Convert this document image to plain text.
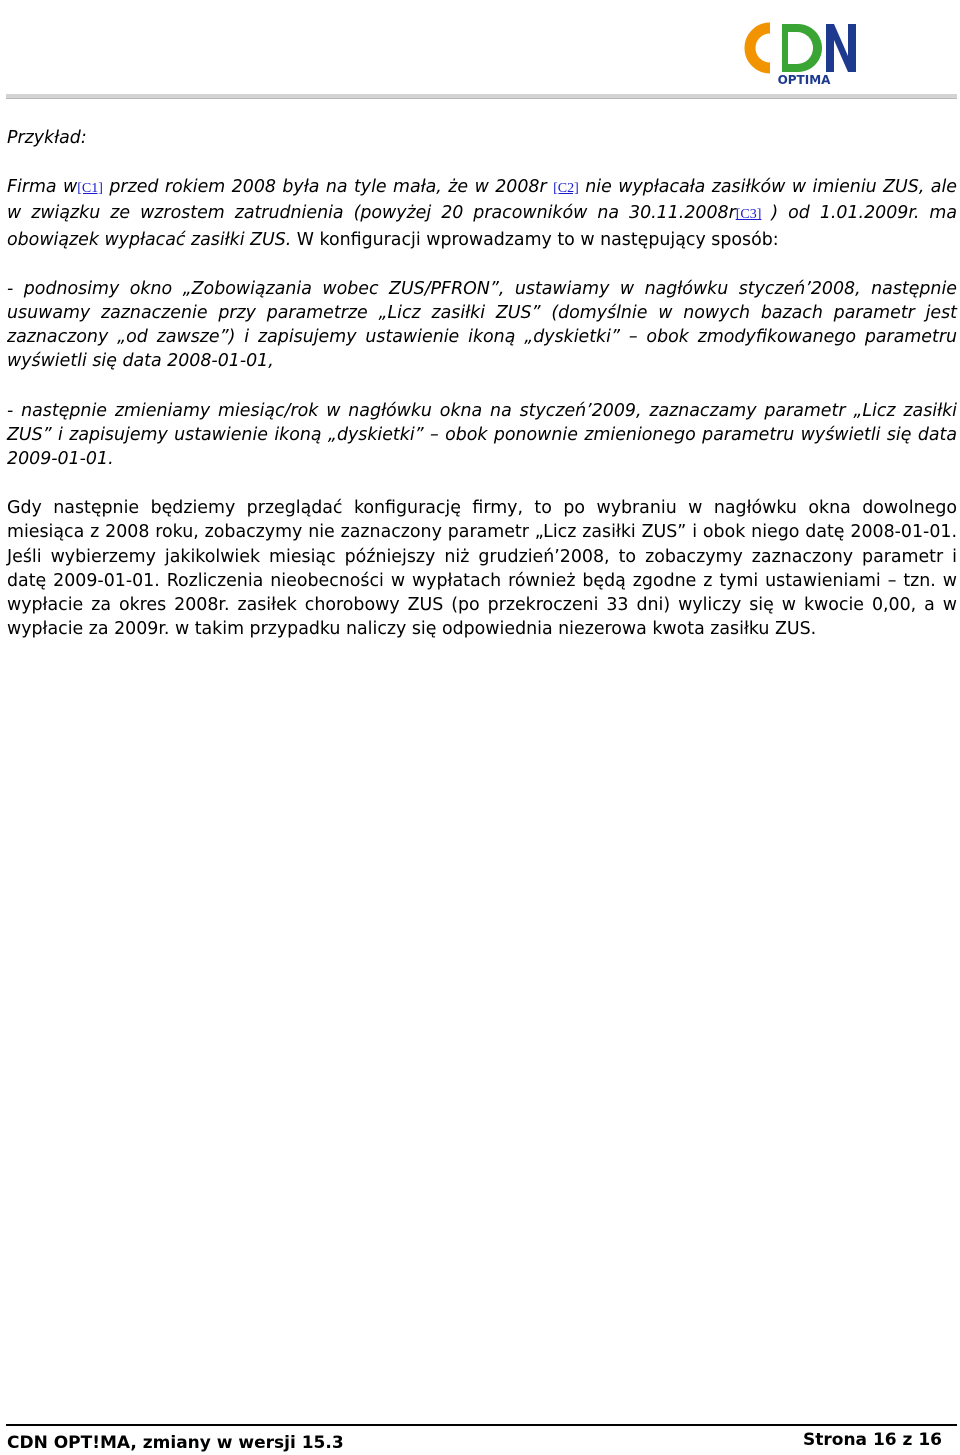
OPTIMA

Przykład:

Firma w[C1] przed rokiem 2008 była na tyle mała, że w 2008r [C2] nie wypłacała zasiłków w imieniu ZUS, ale w związku ze wzrostem zatrudnienia (powyżej 20 pracowników na 30.11.2008r[C3] ) od 1.01.2009r. ma obowiązek wypłacać zasiłki ZUS. W konfiguracji wprowadzamy to w następujący sposób:

- podnosimy okno „Zobowiązania wobec ZUS/PFRON”, ustawiamy w nagłówku styczeń’2008, następnie usuwamy zaznaczenie przy parametrze „Licz zasiłki ZUS” (domyślnie w nowych bazach parametr jest zaznaczony „od zawsze”) i zapisujemy ustawienie ikoną „dyskietki” – obok zmodyfikowanego parametru wyświetli się data 2008-01-01,

- następnie zmieniamy miesiąc/rok w nagłówku okna na styczeń’2009, zaznaczamy parametr „Licz zasiłki ZUS” i zapisujemy ustawienie ikoną „dyskietki” – obok ponownie zmienionego parametru wyświetli się data 2009-01-01.

Gdy następnie będziemy przeglądać konfigurację firmy, to po wybraniu w nagłówku okna dowolnego miesiąca z 2008 roku, zobaczymy nie zaznaczony parametr „Licz zasiłki ZUS” i obok niego datę 2008-01-01. Jeśli wybierzemy jakikolwiek miesiąc późniejszy niż grudzień’2008, to zobaczymy zaznaczony parametr i datę 2009-01-01. Rozliczenia nieobecności w wypłatach również będą zgodne z tymi ustawieniami – tzn. w wypłacie za okres 2008r. zasiłek chorobowy ZUS (po przekroczeni 33 dni) wyliczy się w kwocie 0,00, a w wypłacie za 2009r. w takim przypadku naliczy się odpowiednia niezerowa kwota zasiłku ZUS.

CDN OPT!MA, zmiany w wersji 15.3	Strona 16 z 16
